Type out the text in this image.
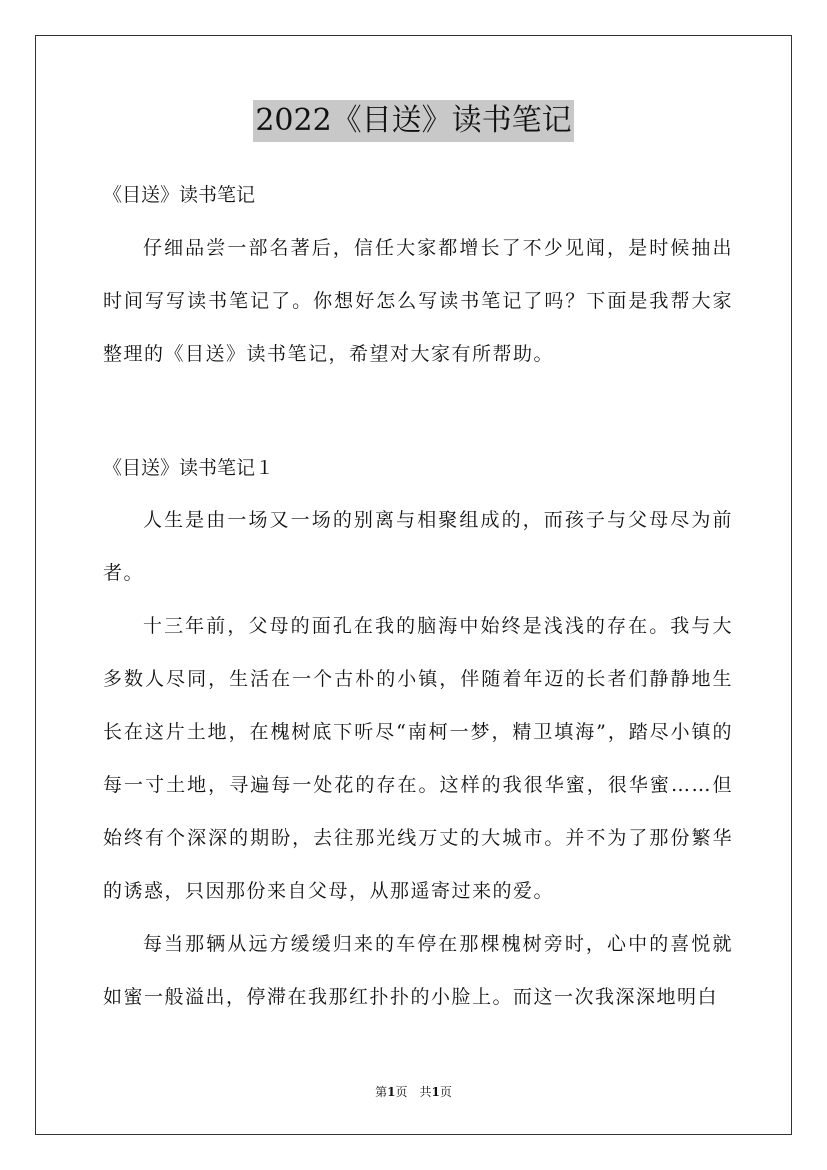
2022《目送》读书笔记

《目送》读书笔记

仔细品尝一部名著后，信任大家都增长了不少见闻，是时候抽出时间写写读书笔记了。你想好怎么写读书笔记了吗？下面是我帮大家整理的《目送》读书笔记，希望对大家有所帮助。

《目送》读书笔记１

人生是由一场又一场的别离与相聚组成的，而孩子与父母尽为前者。

十三年前，父母的面孔在我的脑海中始终是浅浅的存在。我与大多数人尽同，生活在一个古朴的小镇，伴随着年迈的长者们静静地生长在这片土地，在槐树底下听尽“南柯一梦，精卫填海”，踏尽小镇的每一寸土地，寻遍每一处花的存在。这样的我很华蜜，很华蜜……但始终有个深深的期盼，去往那光线万丈的大城市。并不为了那份繁华的诱惑，只因那份来自父母，从那遥寄过来的爱。

每当那辆从远方缓缓归来的车停在那棵槐树旁时，心中的喜悦就如蜜一般溢出，停滞在我那红扑扑的小脸上。而这一次我深深地明白

第1页　共1页
